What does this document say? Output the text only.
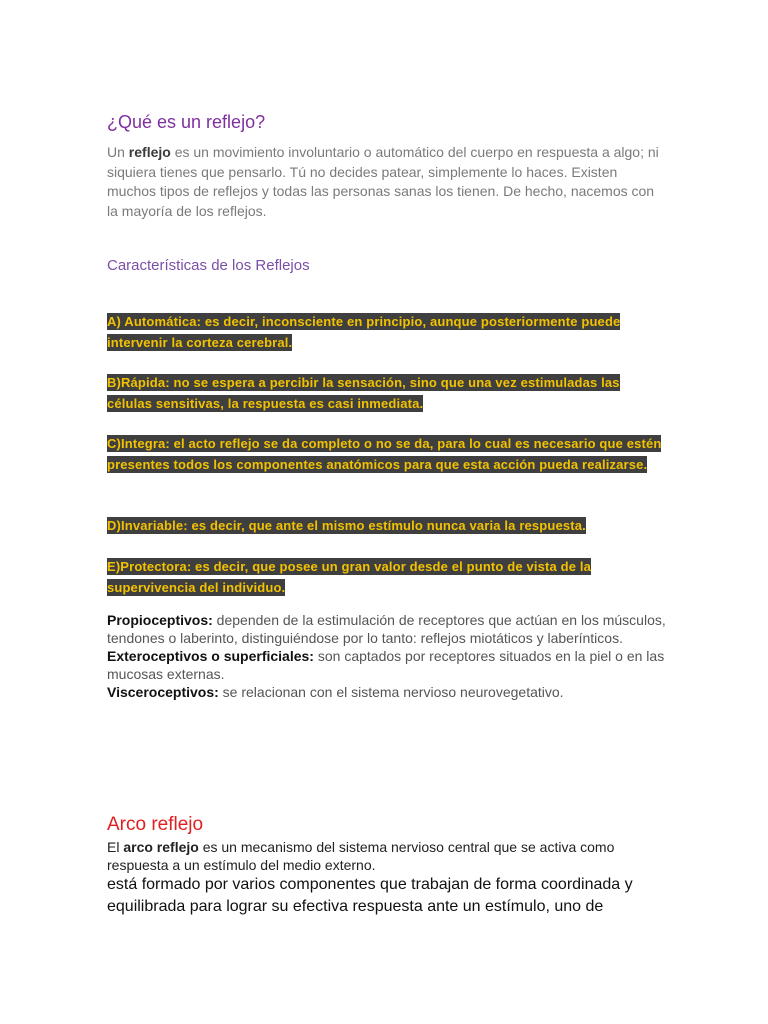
¿Qué es un reflejo?

Un reflejo es un movimiento involuntario o automático del cuerpo en respuesta a algo; ni siquiera tienes que pensarlo. Tú no decides patear, simplemente lo haces. Existen muchos tipos de reflejos y todas las personas sanas los tienen. De hecho, nacemos con la mayoría de los reflejos.

Características de los Reflejos

A) Automática: es decir, inconsciente en principio, aunque posteriormente puede intervenir la corteza cerebral.

B)Rápida: no se espera a percibir la sensación, sino que una vez estimuladas las células sensitivas, la respuesta es casi inmediata.

C)Integra: el acto reflejo se da completo o no se da, para lo cual es necesario que estén presentes todos los componentes anatómicos para que esta acción pueda realizarse.

D)Invariable: es decir, que ante el mismo estímulo nunca varia la respuesta.

E)Protectora: es decir, que posee un gran valor desde el punto de vista de la supervivencia del individuo.

Propioceptivos: dependen de la estimulación de receptores que actúan en los músculos, tendones o laberinto, distinguiéndose por lo tanto: reflejos miotáticos y laberínticos.
Exteroceptivos o superficiales: son captados por receptores situados en la piel o en las mucosas externas.
Visceroceptivos: se relacionan con el sistema nervioso neurovegetativo.

Arco reflejo

El arco reflejo es un mecanismo del sistema nervioso central que se activa como respuesta a un estímulo del medio externo.

está formado por varios componentes que trabajan de forma coordinada y equilibrada para lograr su efectiva respuesta ante un estímulo, uno de
